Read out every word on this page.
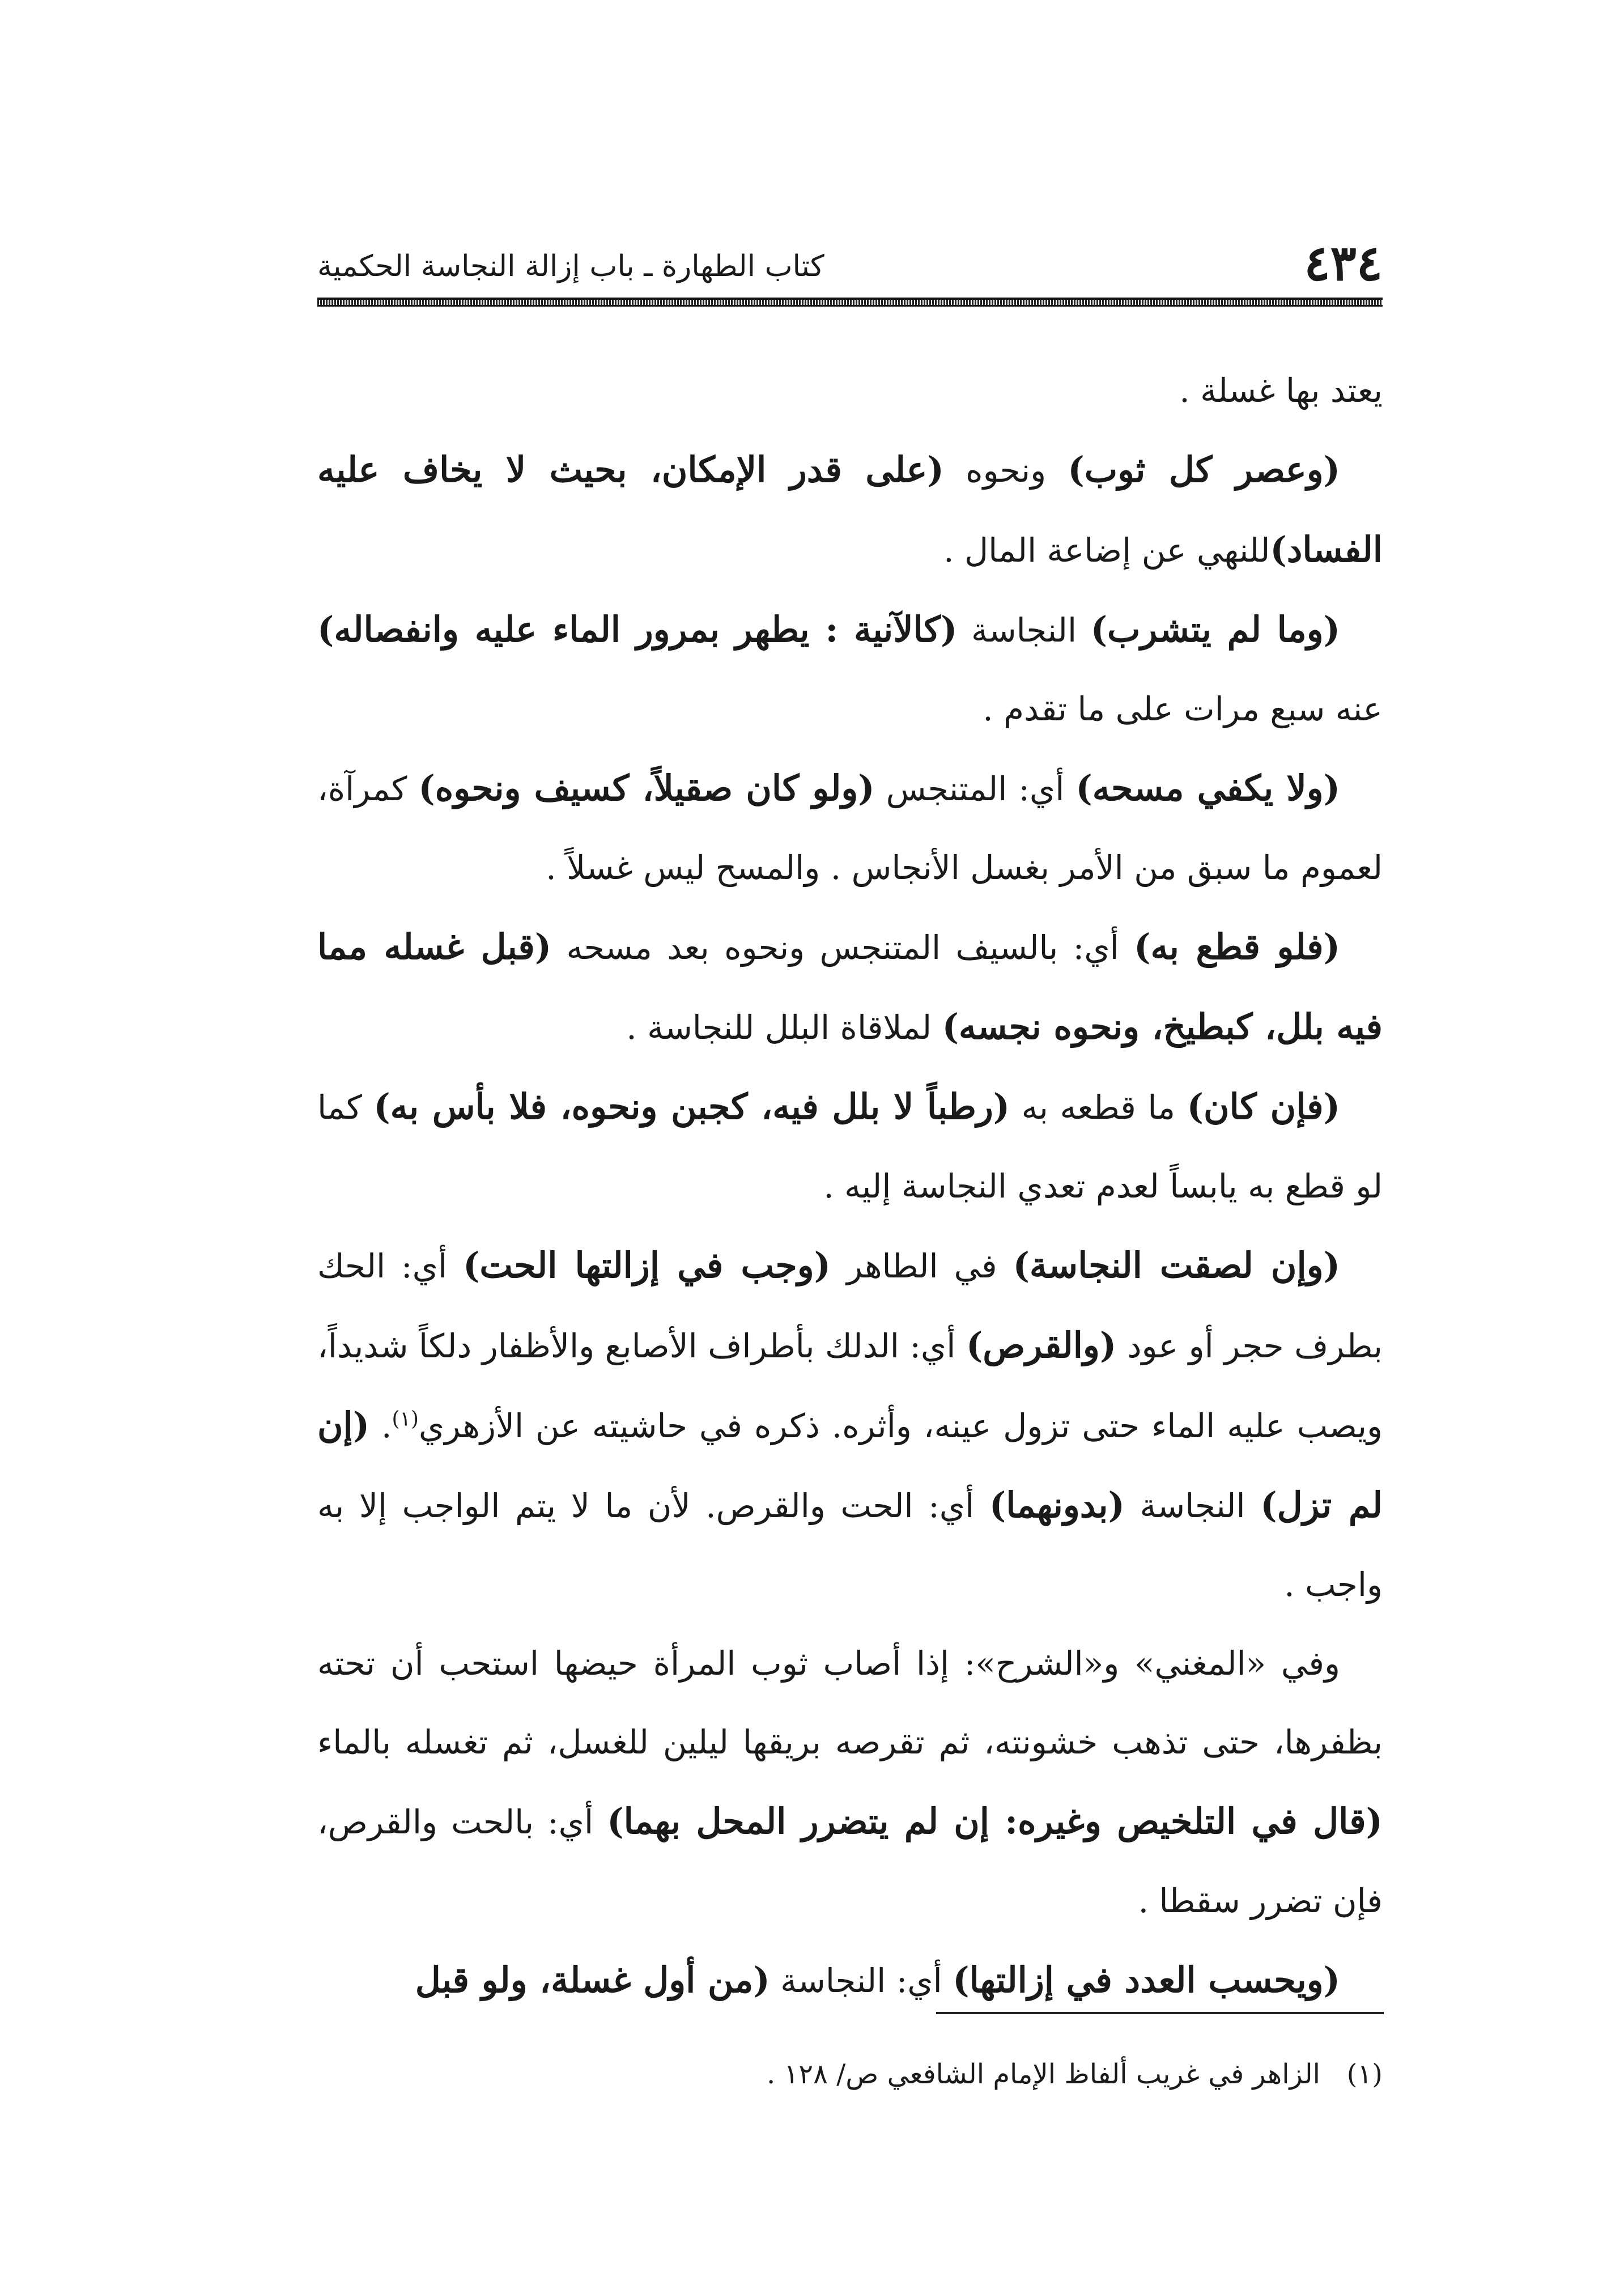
٤٣٤
كتاب الطهارة ـ باب إزالة النجاسة الحكمية

يعتد بها غسلة .

(وعصر كل ثوب) ونحوه (على قدر الإمكان، بحيث لا يخاف عليه الفساد)للنهي عن إضاعة المال .

(وما لم يتشرب) النجاسة (كالآنية : يطهر بمرور الماء عليه وانفصاله) عنه سبع مرات على ما تقدم .

(ولا يكفي مسحه) أي: المتنجس (ولو كان صقيلاً، كسيف ونحوه) كمرآة، لعموم ما سبق من الأمر بغسل الأنجاس . والمسح ليس غسلاً .

(فلو قطع به) أي: بالسيف المتنجس ونحوه بعد مسحه (قبل غسله مما فيه بلل، كبطيخ، ونحوه نجسه) لملاقاة البلل للنجاسة .

(فإن كان) ما قطعه به (رطباً لا بلل فيه، كجبن ونحوه، فلا بأس به) كما لو قطع به يابساً لعدم تعدي النجاسة إليه .

(وإن لصقت النجاسة) في الطاهر (وجب في إزالتها الحت) أي: الحك بطرف حجر أو عود (والقرص) أي: الدلك بأطراف الأصابع والأظفار دلكاً شديداً، ويصب عليه الماء حتى تزول عينه، وأثره. ذكره في حاشيته عن الأزهري$^{(١)}$. (إن لم تزل) النجاسة (بدونهما) أي: الحت والقرص. لأن ما لا يتم الواجب إلا به واجب .

وفي «المغني» و«الشرح»: إذا أصاب ثوب المرأة حيضها استحب أن تحته بظفرها، حتى تذهب خشونته، ثم تقرصه بريقها ليلين للغسل، ثم تغسله بالماء (قال في التلخيص وغيره: إن لم يتضرر المحل بهما) أي: بالحت والقرص، فإن تضرر سقطا .

(ويحسب العدد في إزالتها) أي: النجاسة (من أول غسلة، ولو قبل

(١)الزاهر في غريب ألفاظ الإمام الشافعي ص/ ١٢٨ .
